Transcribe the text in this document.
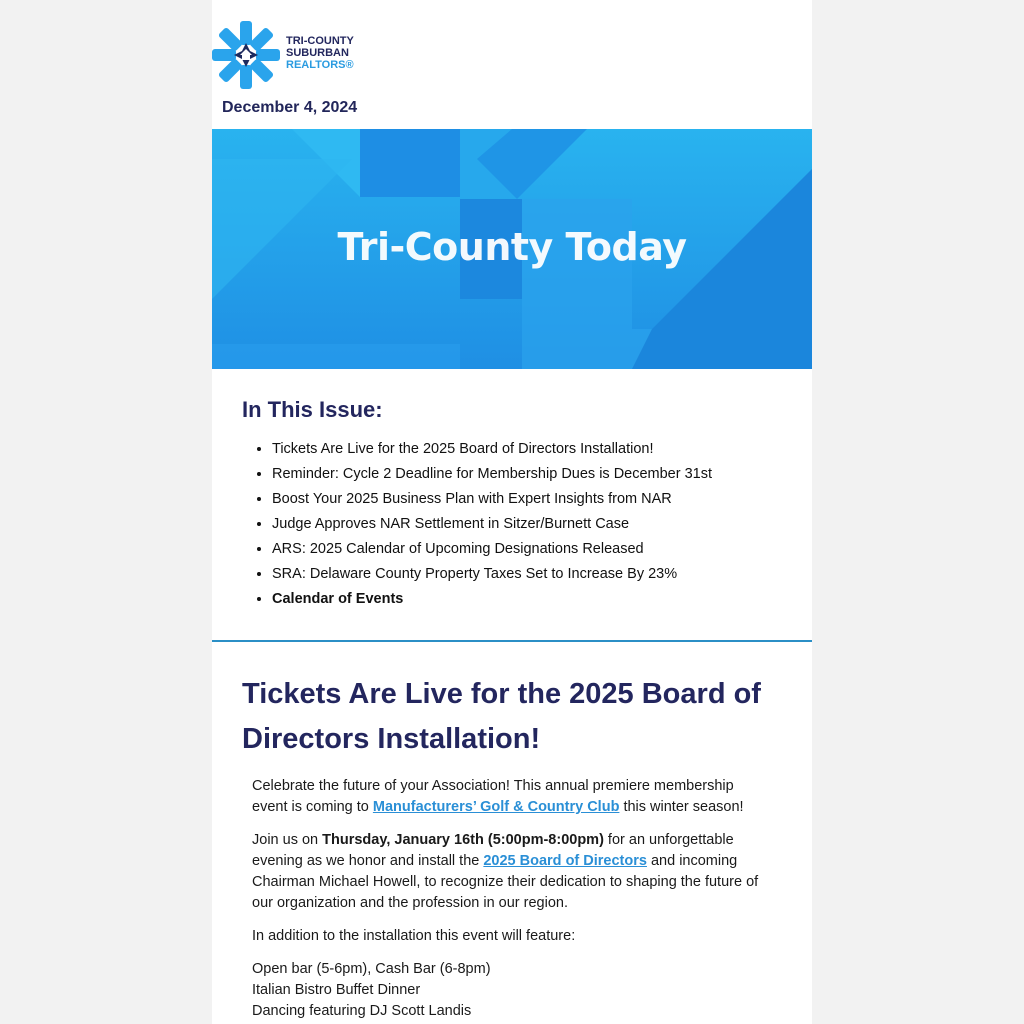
TRI-COUNTY
SUBURBAN
REALTORS®
December 4, 2024
Tri-County Today
In This Issue:
• Tickets Are Live for the 2025 Board of Directors Installation!
• Reminder: Cycle 2 Deadline for Membership Dues is December 31st
• Boost Your 2025 Business Plan with Expert Insights from NAR
• Judge Approves NAR Settlement in Sitzer/Burnett Case
• ARS: 2025 Calendar of Upcoming Designations Released
• SRA: Delaware County Property Taxes Set to Increase By 23%
• Calendar of Events
Tickets Are Live for the 2025 Board of Directors Installation!

Celebrate the future of your Association! This annual premiere membership event is coming to Manufacturers’ Golf & Country Club this winter season!

Join us on Thursday, January 16th (5:00pm-8:00pm) for an unforgettable evening as we honor and install the 2025 Board of Directors and incoming Chairman Michael Howell, to recognize their dedication to shaping the future of our organization and the profession in our region.

In addition to the installation this event will feature:

Open bar (5-6pm), Cash Bar (6-8pm)
Italian Bistro Buffet Dinner
Dancing featuring DJ Scott Landis
